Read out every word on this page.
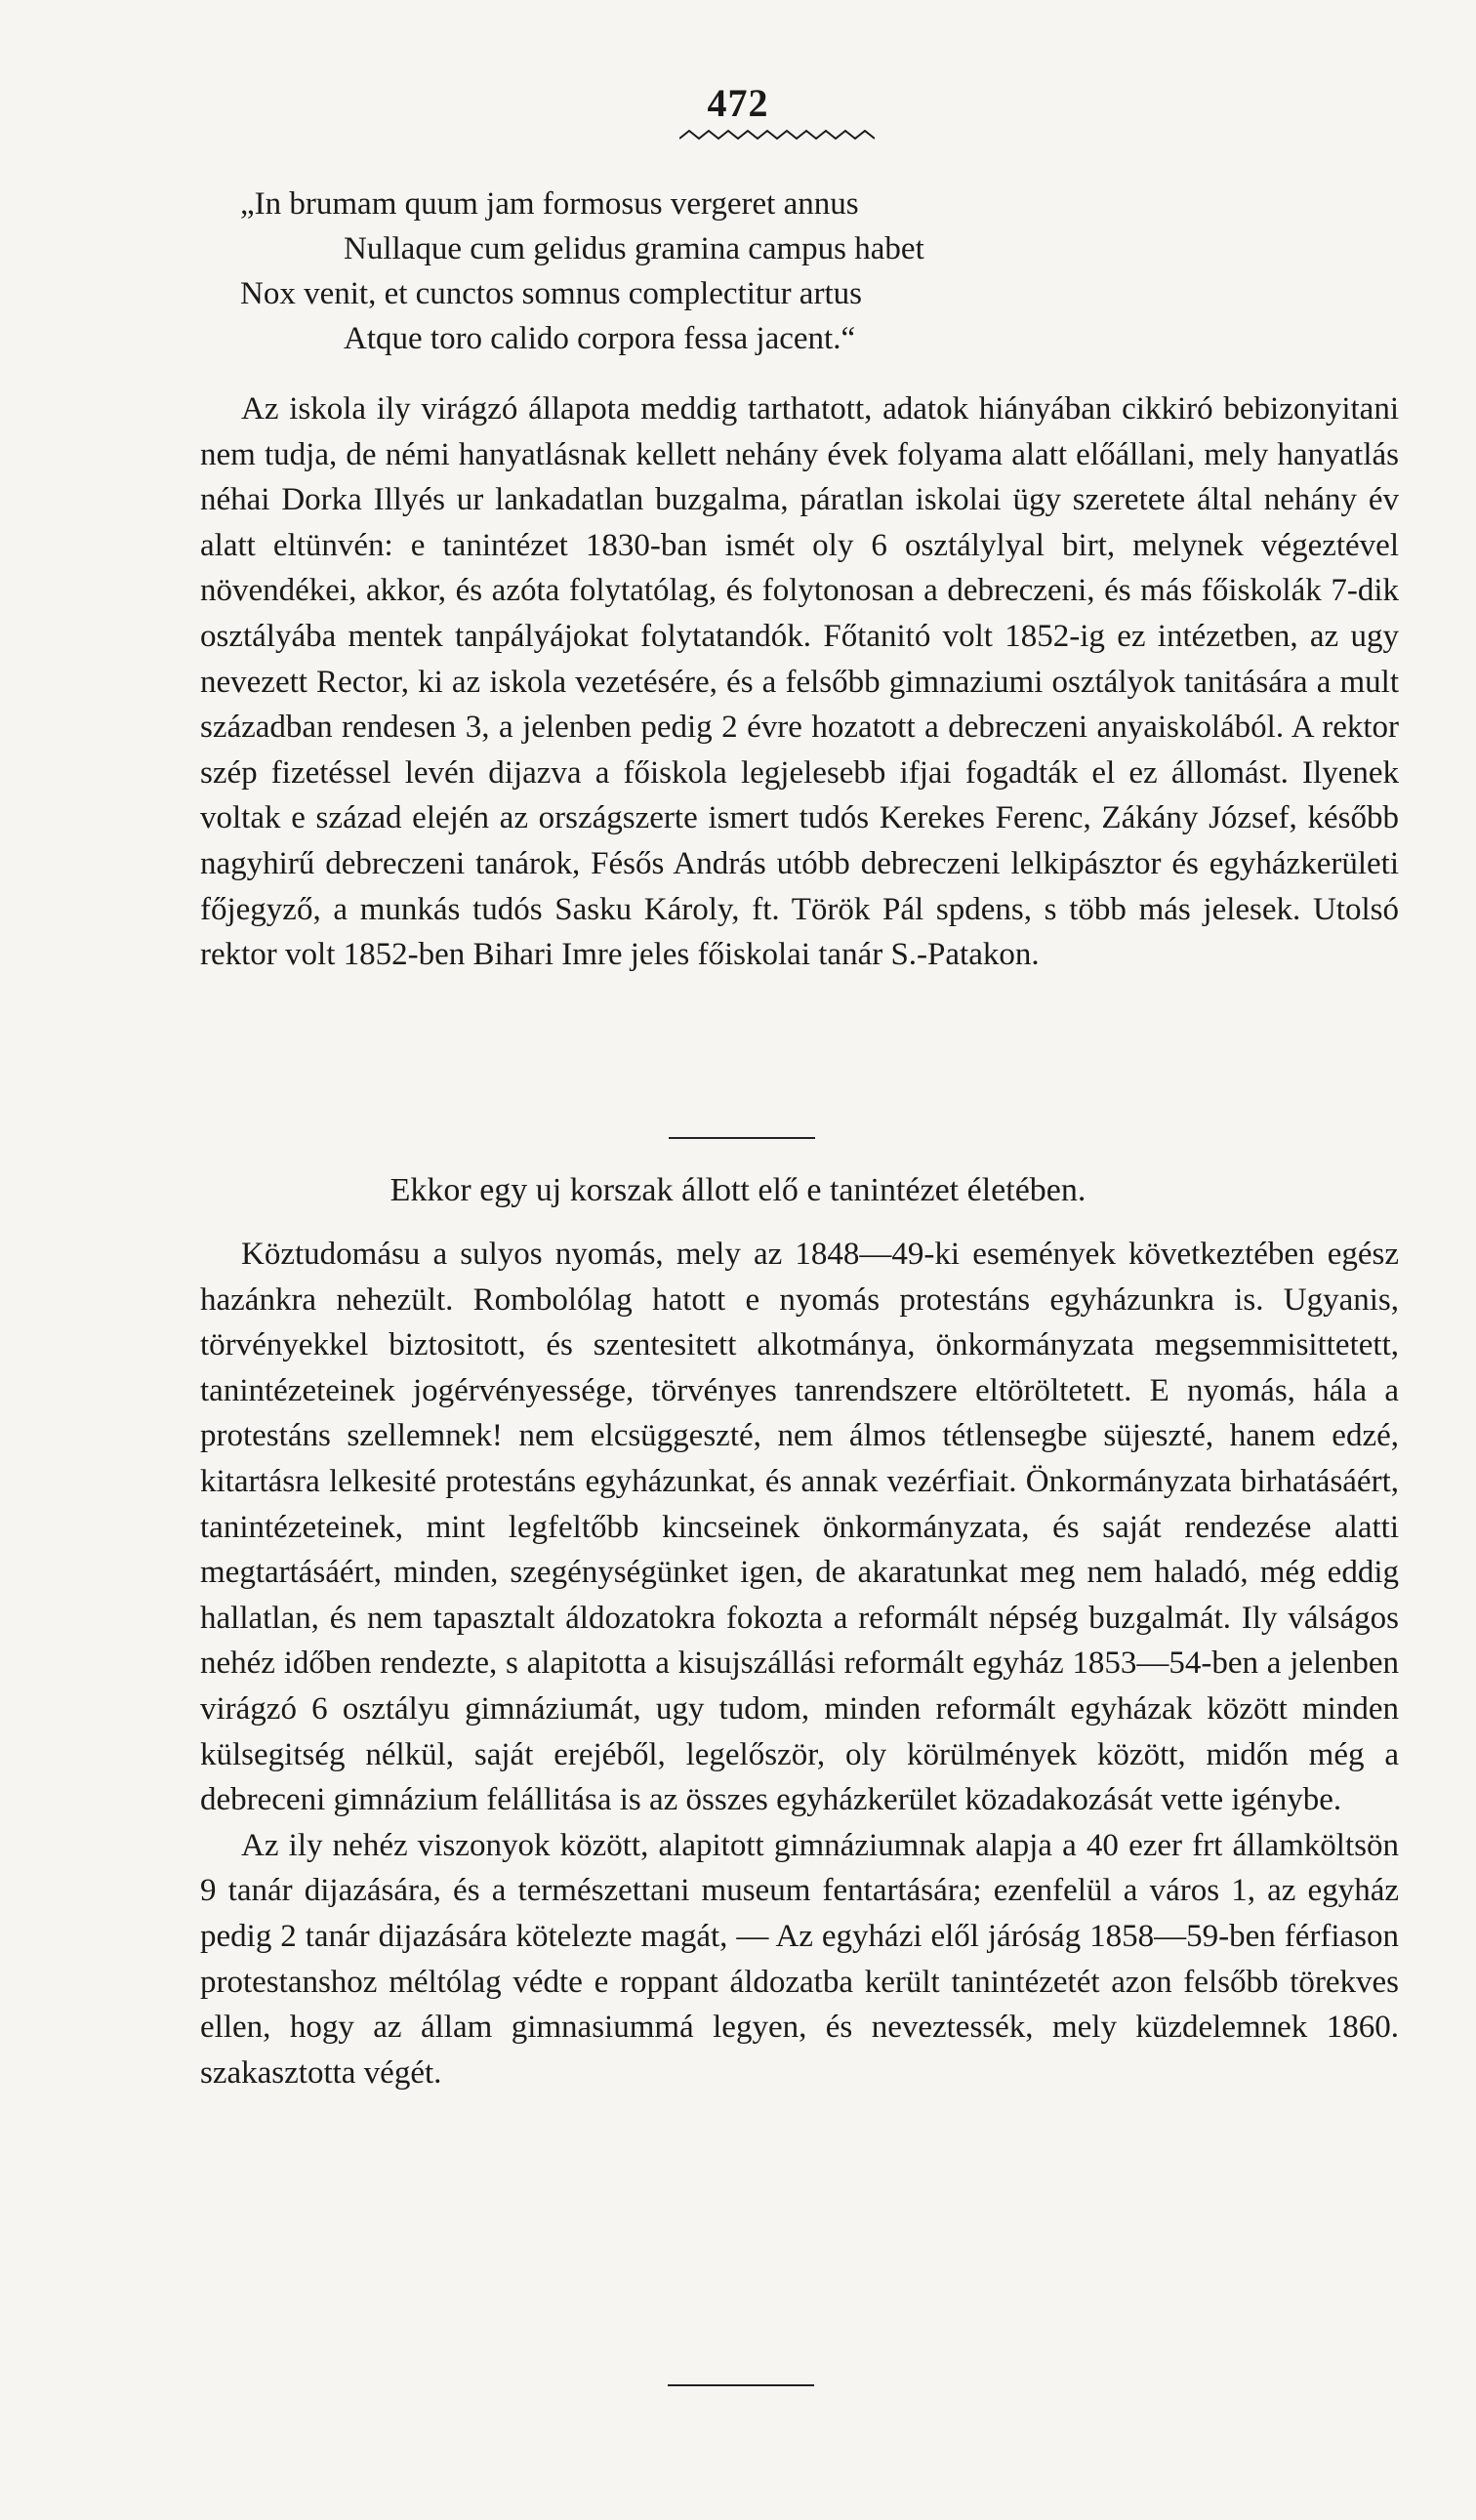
472
„In brumam quum jam formosus vergeret annus
Nullaque cum gelidus gramina campus habet
Nox venit, et cunctos somnus complectitur artus
Atque toro calido corpora fessa jacent.“

Az iskola ily virágzó állapota meddig tarthatott, adatok hiányában cikkiró bebizonyitani nem tudja, de némi hanyatlásnak kellett nehány évek folyama alatt előállani, mely hanyatlás néhai Dorka Illyés ur lankadatlan buzgalma, páratlan iskolai ügy szeretete által nehány év alatt eltünvén: e tanintézet 1830-ban ismét oly 6 osztálylyal birt, melynek végeztével növendékei, akkor, és azóta folytatólag, és folytonosan a debreczeni, és más főiskolák 7-dik osztályába mentek tanpályájokat folytatandók. Főtanitó volt 1852-ig ez intézetben, az ugy nevezett Rector, ki az iskola vezetésére, és a felsőbb gimnaziumi osztályok tanitására a mult században rendesen 3, a jelenben pedig 2 évre hozatott a debreczeni anyaiskolából. A rektor szép fizetéssel levén dijazva a főiskola legjelesebb ifjai fogadták el ez állomást. Ilyenek voltak e század elején az országszerte ismert tudós Kerekes Ferenc, Zákány József, később nagyhirű debreczeni tanárok, Fésős András utóbb debreczeni lelkipásztor és egyházkerületi főjegyző, a munkás tudós Sasku Károly, ft. Török Pál spdens, s több más jelesek. Utolsó rektor volt 1852-ben Bihari Imre jeles főiskolai tanár S.-Patakon.

Ekkor egy uj korszak állott elő e tanintézet életében.

Köztudomásu a sulyos nyomás, mely az 1848—49-ki események következtében egész hazánkra nehezült. Rombolólag hatott e nyomás protestáns egyházunkra is. Ugyanis, törvényekkel biztositott, és szentesitett alkotmánya, önkormányzata megsemmisittetett, tanintézeteinek jogérvényessége, törvényes tanrendszere eltöröltetett. E nyomás, hála a protestáns szellemnek! nem elcsüggeszté, nem álmos tétlensegbe süjeszté, hanem edzé, kitartásra lelkesité protestáns egyházunkat, és annak vezérfiait. Önkormányzata birhatásáért, tanintézeteinek, mint legfeltőbb kincseinek önkormányzata, és saját rendezése alatti megtartásáért, minden, szegénységünket igen, de akaratunkat meg nem haladó, még eddig hallatlan, és nem tapasztalt áldozatokra fokozta a reformált népség buzgalmát. Ily válságos nehéz időben rendezte, s alapitotta a kisujszállási reformált egyház 1853—54-ben a jelenben virágzó 6 osztályu gimnáziumát, ugy tudom, minden reformált egyházak között minden külsegitség nélkül, saját erejéből, legelőször, oly körülmények között, midőn még a debreceni gimnázium felállitása is az összes egyházkerület közadakozását vette igénybe.

Az ily nehéz viszonyok között, alapitott gimnáziumnak alapja a 40 ezer frt államköltsön 9 tanár dijazására, és a természettani museum fentartására; ezenfelül a város 1, az egyház pedig 2 tanár dijazására kötelezte magát, — Az egyházi elől járóság 1858—59-ben férfiason protestanshoz méltólag védte e roppant áldozatba került tanintézetét azon felsőbb törekves ellen, hogy az állam gimnasiummá legyen, és neveztessék, mely küzdelemnek 1860. szakasztotta végét.
